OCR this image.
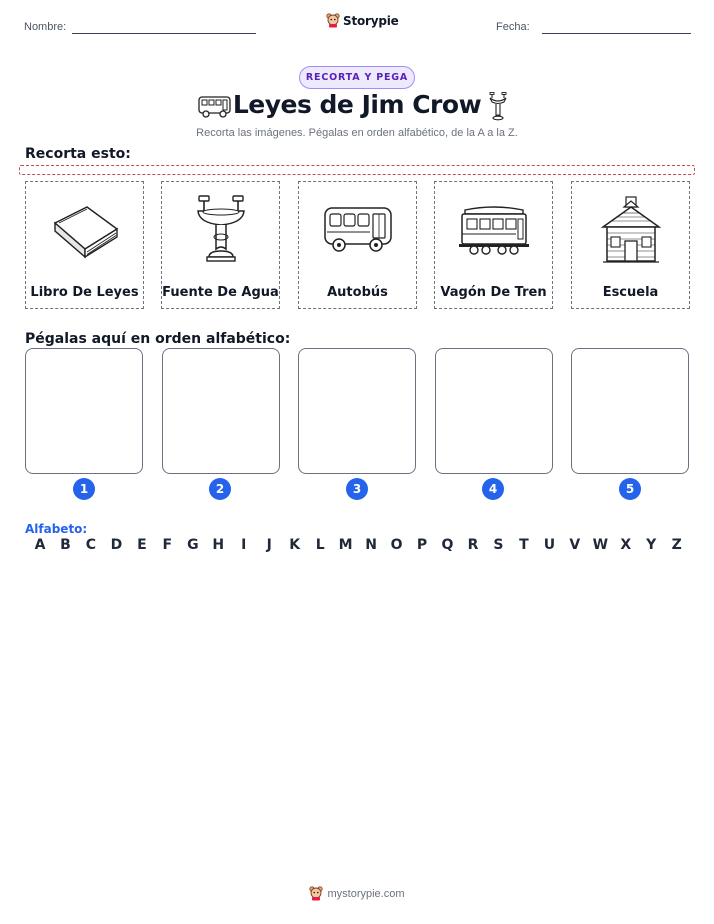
Nombre:	Storypie	Fecha:
RECORTA Y PEGA
Leyes de Jim Crow
Recorta las imágenes. Pégalas en orden alfabético, de la A a la Z.
Recorta esto:
Libro De Leyes	Fuente De Agua	Autobús	Vagón De Tren	Escuela
Pégalas aquí en orden alfabético:
1	2	3	4	5
Alfabeto:
A B C D	E	F	G H	I	J	K	L	M N O P Q R S	T	U V W X Y Z
mystorypie.com
